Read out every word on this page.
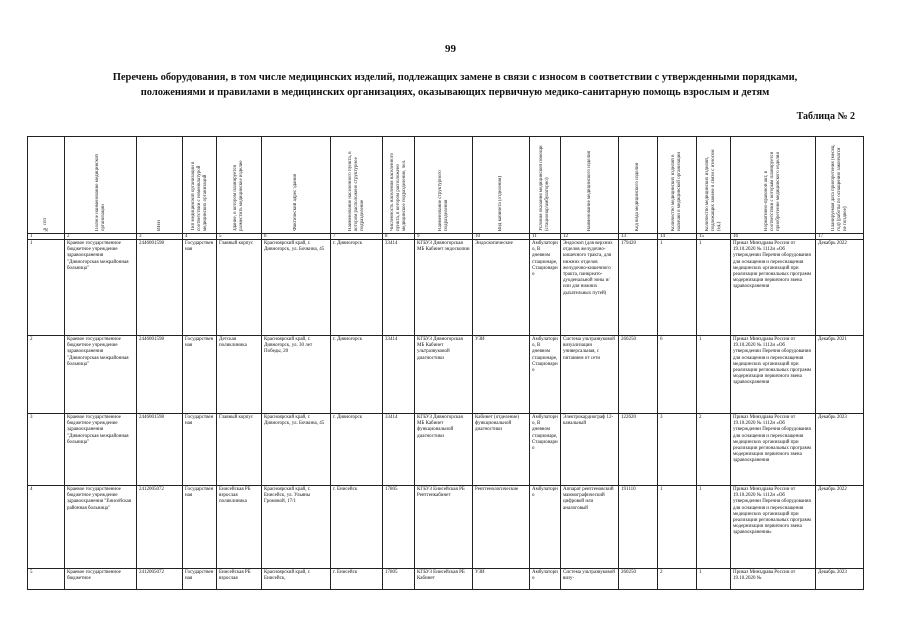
99
Перечень оборудования, в том числе медицинских изделий, подлежащих замене в связи с износом в соответствии с утвержденными порядками, положениями и правилами в медицинских организациях, оказывающих первичную медико-санитарную помощь взрослым и детям
Таблица № 2
№ п/п	Полное наименование медицинской организации	ИНН	Тип медицинской организации в соответствии с номенклатурой медицинских организаций	Здание, в котором планируется разместить медицинское изделие	Фактический адрес здания	Наименование населенного пункта, в котором расположено структурное подразделение	Численность населения населенного пункта, в котором расположено медицинское подразделение, чел.	Наименование структурного подразделения	Вид кабинета (отделения)	Условия оказания медицинской помощи (стационар/амбулаторно)	Наименование медицинского изделия	Код вида медицинского изделия	Количество медицинских изделий в наличии в медицинской организации	Количество медицинских изделий, подлежащих замене в связи с износом (ед.)	Нормативно-правовой акт, в соответствии с которым планируется приобретение медицинского изделия	Планируемая дата приобретения (месяц, год) (работы по оснащению закончатся не позднее)

1	2	3	4	5	6	7	8	9	10	11	12	13	14	15	16	17
1	Краевое государственное бюджетное учреждение здравоохранения "Дивногорская межрайонная больница"	2446001598	Государственная	Главный корпус	Красноярский край, г. Дивногорск, ул. Бочкина, 45	г. Дивногорск	33414	КГБУЗ Дивногорская МБ Кабинет эндоскопии	Эндоскопические	Амбулаторно, В дневном стационаре, Стационарно	Эндоскоп (для верхних отделов желудочно-кишечного тракта, для нижних отделов желудочно-кишечного тракта, панкреато-дуоденальной зоны и/или для нижних дыхательных путей)	179420	1	1	Приказ Минздрава России от 19.10.2020 № 1112н «Об утверждении Перечня оборудования для оснащения и переоснащения медицинских организаций при реализации региональных программ модернизации первичного звена здравоохранения	Декабрь 2022
2	Краевое государственное бюджетное учреждение здравоохранения "Дивногорская межрайонная больница"	2446001598	Государственная	Детская поликлиника	Красноярский край, г. Дивногорск, ул. 30 лет Победы, 20	г. Дивногорск	33414	КГБУЗ Дивногорская МБ Кабинет ультразвуковой диагностики	УЗИ	Амбулаторно, В дневном стационаре, Стационарно	Система ультразвуковой визуализации универсальная, с питанием от сети	260250	6	1	Приказ Минздрава России от 19.10.2020 № 1112н «Об утверждении Перечня оборудования для оснащения и переоснащения медицинских организаций при реализации региональных программ модернизации первичного звена здравоохранения	Декабрь 2021
3	Краевое государственное бюджетное учреждение здравоохранения "Дивногорская межрайонная больница"	2446001598	Государственная	Главный корпус	Красноярский край, г. Дивногорск, ул. Бочкина, 45	г. Дивногорск	33414	КГБУЗ Дивногорская МБ Кабинет функциональной диагностики	Кабинет (отделение) функциональной диагностики	Амбулаторно, В дневном стационаре, Стационарно	Электрокардиограф 12-канальный	122620	3	2	Приказ Минздрава России от 19.10.2020 № 1112н «Об утверждении Перечня оборудования для оснащения и переоснащения медицинских организаций при реализации региональных программ модернизации первичного звена здравоохранения	Декабрь 2023
4	Краевое государственное бюджетное учреждение здравоохранения "Енисейская районная больница"	2412005072	Государственная	Енисейская РБ взрослая поликлиника	Красноярский край, г. Енисейск, ул. Ульяны Громовой, 17/1	г. Енисейск	17805	КГБУЗ Енисейская РБ Рентгенкабинет	Рентгенологические	Амбулаторно	Аппарат рентгеновский маммографический цифровой или аналоговый	191110	1	1	Приказ Минздрава России от 19.10.2020 № 1112н «Об утверждении Перечня оборудования для оснащения и переоснащения медицинских организаций при реализации региональных программ модернизации первичного звена здравоохранения»	Декабрь 2022
5	Краевое государственное бюджетное	2412005072	Государственная	Енисейская РБ взрослая	Красноярский край, г. Енисейск,	г. Енисейск	17805	КГБУЗ Енисейская РБ Кабинет	УЗИ	Амбулаторно	Система ультразвуковой визу-	260250	2	1	Приказ Минздрава России от 19.10.2020 №	Декабрь 2023
